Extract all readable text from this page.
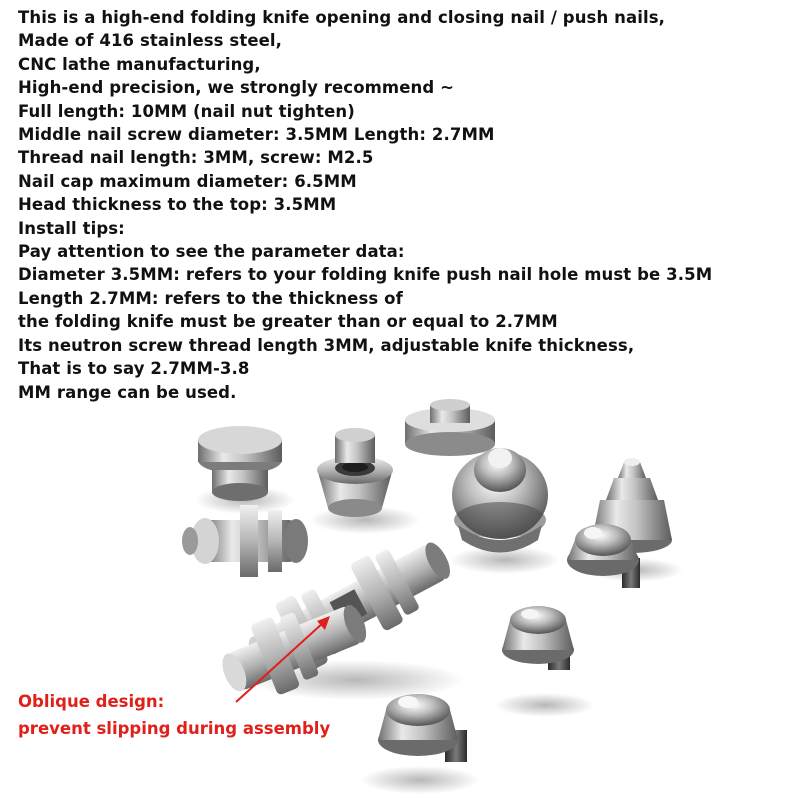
This is a high-end folding knife opening and closing nail / push nails,
Made of 416 stainless steel,
CNC lathe manufacturing,
High-end precision, we strongly recommend ~
Full length: 10MM (nail nut tighten)
Middle nail screw diameter: 3.5MM Length: 2.7MM
Thread nail length: 3MM, screw: M2.5
Nail cap maximum diameter: 6.5MM
Head thickness to the top: 3.5MM
Install tips:
Pay attention to see the parameter data:
Diameter 3.5MM: refers to your folding knife push nail hole must be 3.5M
Length 2.7MM: refers to the thickness of
the folding knife must be greater than or equal to 2.7MM
Its neutron screw thread length 3MM, adjustable knife thickness,
That is to say 2.7MM-3.8
MM range can be used.
Oblique design:
prevent slipping during assembly
